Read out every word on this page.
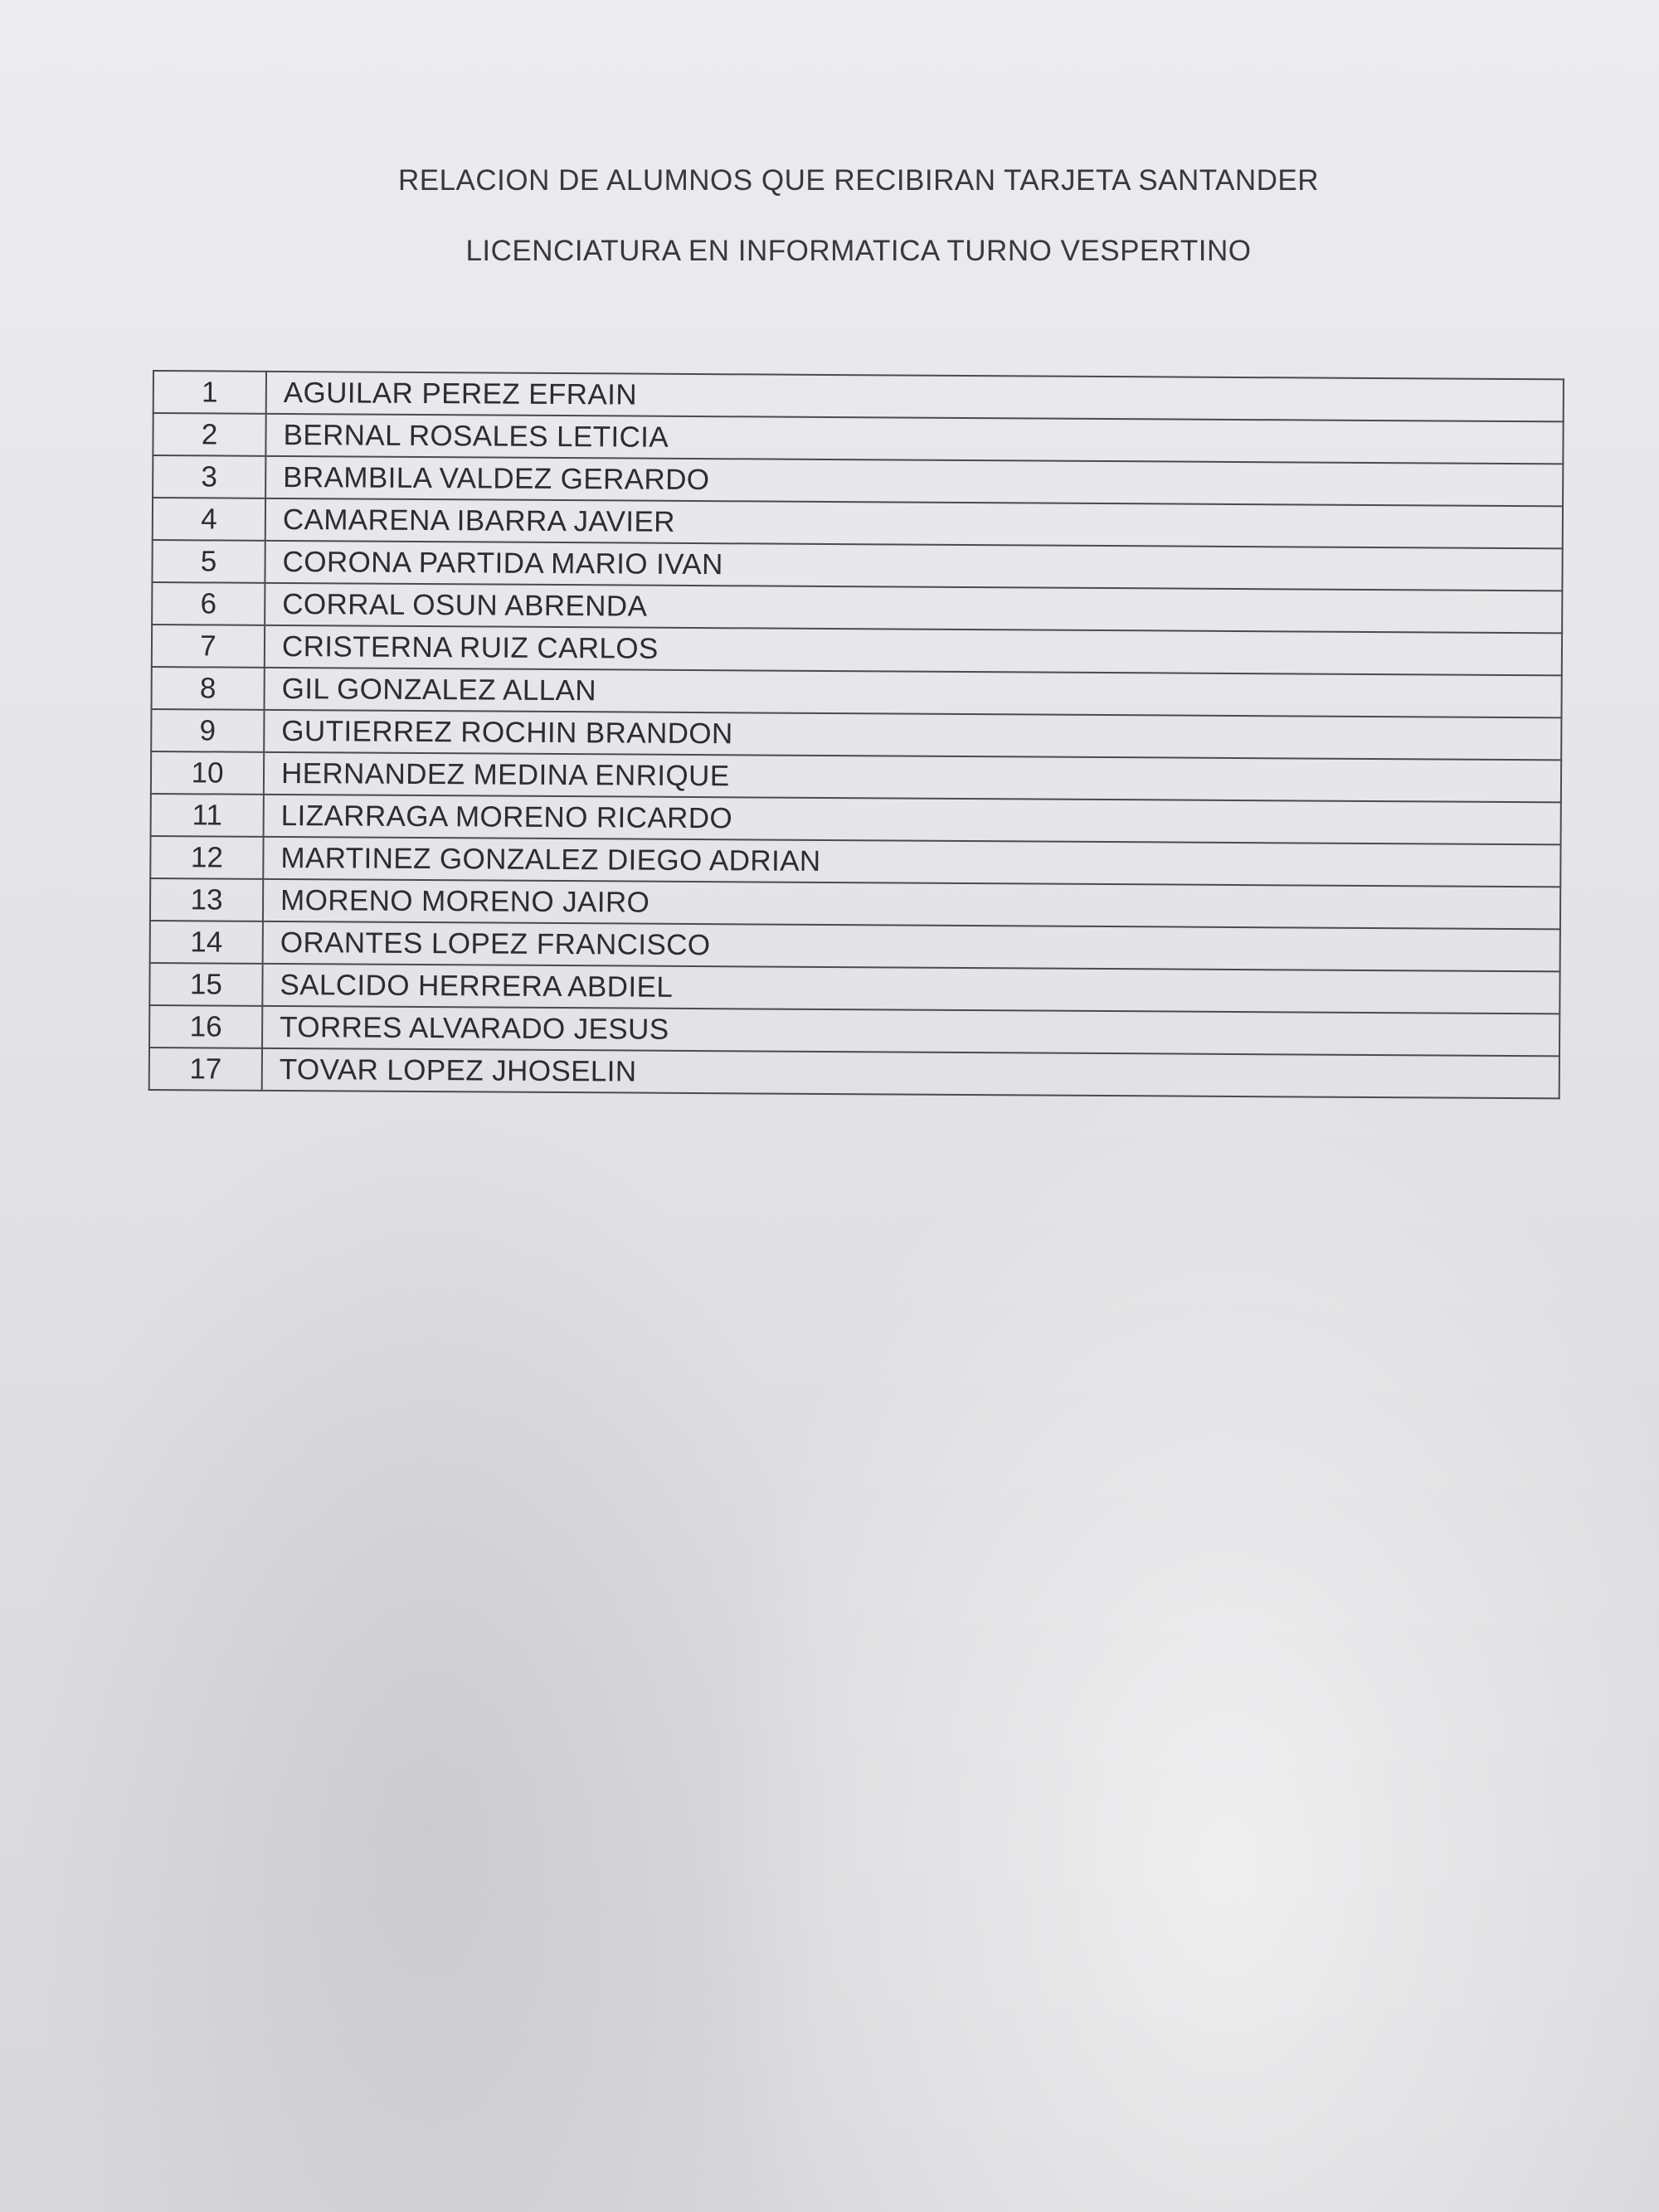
RELACION DE ALUMNOS QUE RECIBIRAN TARJETA SANTANDER
LICENCIATURA EN INFORMATICA TURNO VESPERTINO
1	AGUILAR PEREZ EFRAIN
2	BERNAL ROSALES LETICIA
3	BRAMBILA VALDEZ GERARDO
4	CAMARENA IBARRA JAVIER
5	CORONA PARTIDA MARIO IVAN
6	CORRAL OSUN ABRENDA
7	CRISTERNA RUIZ CARLOS
8	GIL GONZALEZ ALLAN
9	GUTIERREZ ROCHIN BRANDON
10	HERNANDEZ MEDINA ENRIQUE
11	LIZARRAGA MORENO RICARDO
12	MARTINEZ GONZALEZ DIEGO ADRIAN
13	MORENO MORENO JAIRO
14	ORANTES LOPEZ FRANCISCO
15	SALCIDO HERRERA ABDIEL
16	TORRES ALVARADO JESUS
17	TOVAR LOPEZ JHOSELIN
